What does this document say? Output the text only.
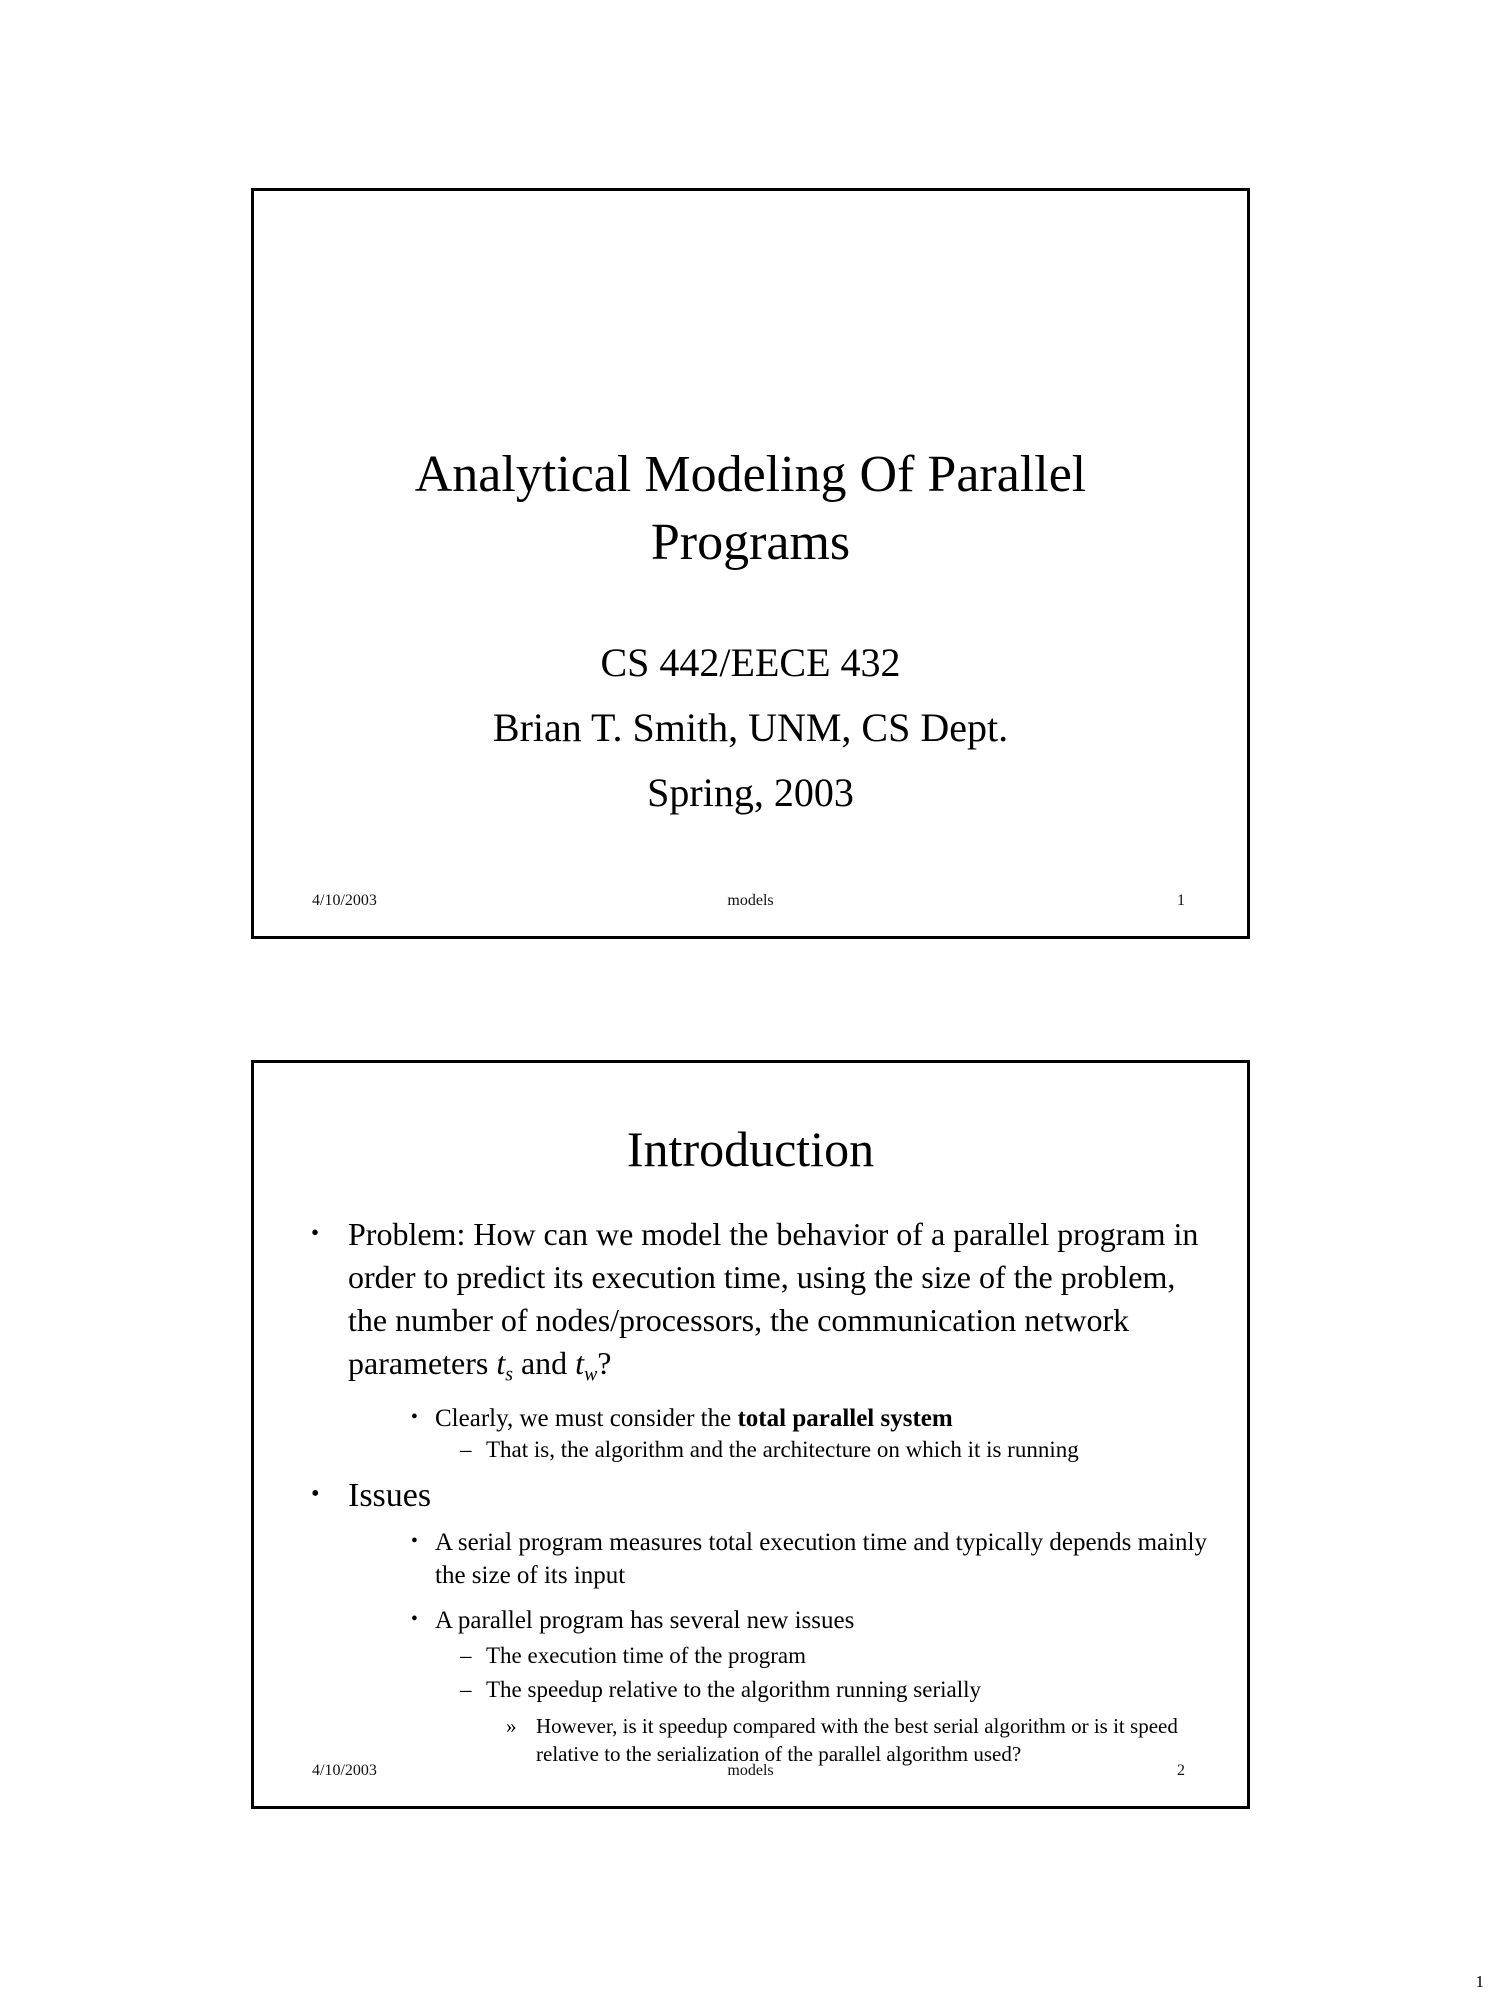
Analytical Modeling Of Parallel Programs
CS 442/EECE 432
Brian T. Smith, UNM, CS Dept.
Spring, 2003
4/10/2003	models	1
Introduction
• Problem: How can we model the behavior of a parallel program in order to predict its execution time, using the size of the problem, the number of nodes/processors, the communication network parameters ts and tw?
• Clearly, we must consider the total parallel system
– That is, the algorithm and the architecture on which it is running
• Issues
• A serial program measures total execution time and typically depends mainly the size of its input
• A parallel program has several new issues
– The execution time of the program
– The speedup relative to the algorithm running serially
» However, is it speedup compared with the best serial algorithm or is it speed relative to the serialization of the parallel algorithm used?
4/10/2003	models	2
1
